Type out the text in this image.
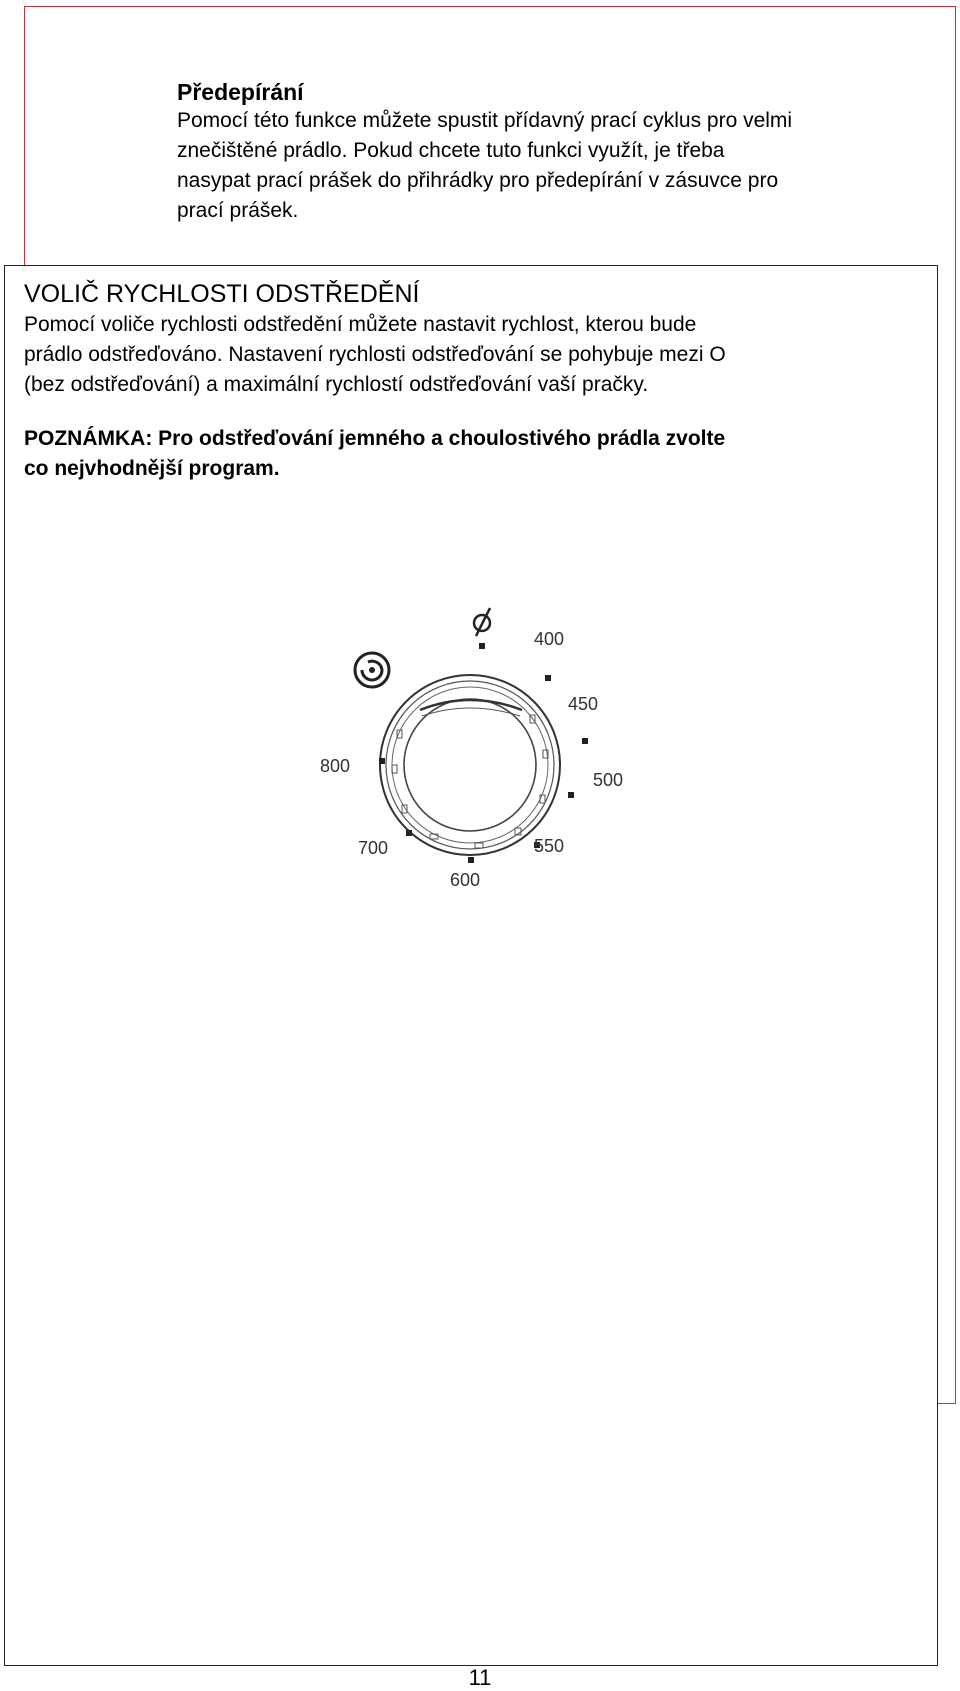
Předepírání

Pomocí této funkce můžete spustit přídavný prací cyklus pro velmi

znečištěné prádlo. Pokud chcete tuto funkci využít, je třeba

nasypat prací prášek do přihrádky pro předepírání v zásuvce pro

prací prášek.

VOLIČ RYCHLOSTI ODSTŘEDĚNÍ

Pomocí voliče rychlosti odstředění můžete nastavit rychlost, kterou bude

prádlo odstřeďováno. Nastavení rychlosti odstřeďování se pohybuje mezi O

(bez odstřeďování) a maximální rychlostí odstřeďování vaší pračky.

POZNÁMKA: Pro odstřeďování jemného a choulostivého prádla zvolte
co nejvhodnější program.

400
450
500
550
600
700
800
11
